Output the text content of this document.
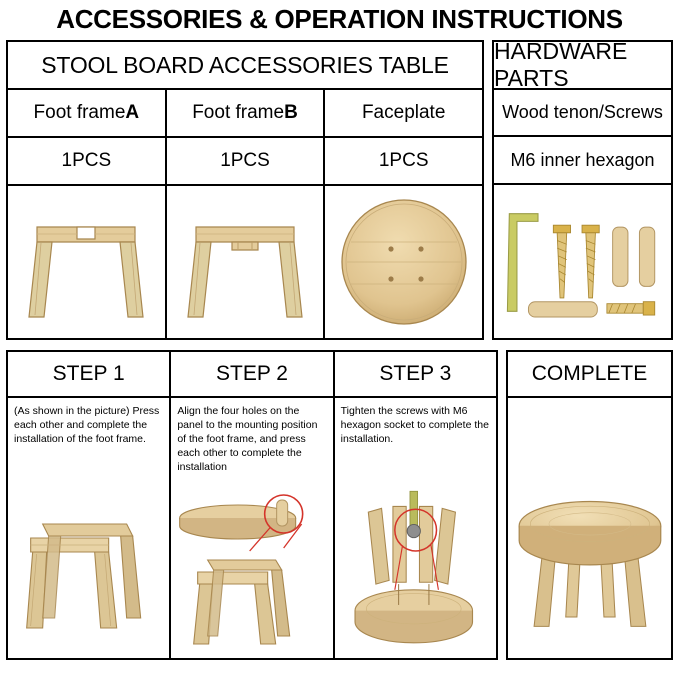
ACCESSORIES & OPERATION INSTRUCTIONS
STOOL BOARD ACCESSORIES TABLE
Foot frame A	Foot frame B	Faceplate
1PCS	1PCS	1PCS
HARDWARE PARTS
Wood tenon/Screws
M6 inner hexagon
STEP 1	STEP 2	STEP 3
(As shown in the picture) Press each other and complete the installation of the foot frame.
Align the four holes on the panel to the mounting position of the foot frame, and press each other to complete the installation
Tighten the screws with M6 hexagon socket to complete the installation.
COMPLETE
